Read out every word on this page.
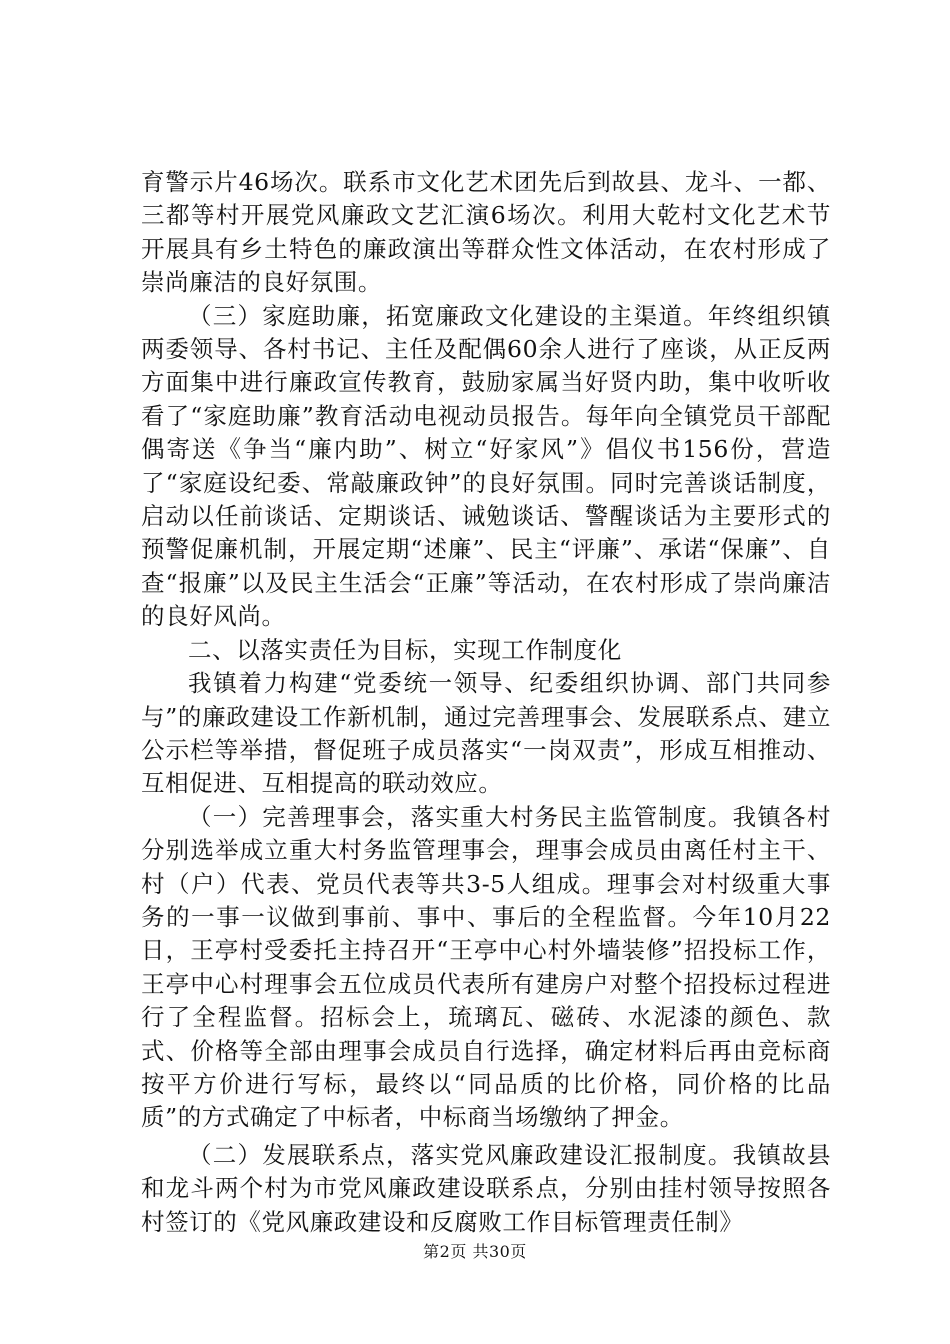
育警示片46场次。联系市文化艺术团先后到故县、龙斗、一都、三都等村开展党风廉政文艺汇演6场次。利用大乾村文化艺术节开展具有乡土特色的廉政演出等群众性文体活动，在农村形成了崇尚廉洁的良好氛围。

（三）家庭助廉，拓宽廉政文化建设的主渠道。年终组织镇两委领导、各村书记、主任及配偶60余人进行了座谈，从正反两方面集中进行廉政宣传教育，鼓励家属当好贤内助，集中收听收看了“家庭助廉”教育活动电视动员报告。每年向全镇党员干部配偶寄送《争当“廉内助”、树立“好家风”》倡仪书156份，营造了“家庭设纪委、常敲廉政钟”的良好氛围。同时完善谈话制度，启动以任前谈话、定期谈话、诫勉谈话、警醒谈话为主要形式的预警促廉机制，开展定期“述廉”、民主“评廉”、承诺“保廉”、自查“报廉”以及民主生活会“正廉”等活动，在农村形成了崇尚廉洁的良好风尚。

二、以落实责任为目标，实现工作制度化

我镇着力构建“党委统一领导、纪委组织协调、部门共同参与”的廉政建设工作新机制，通过完善理事会、发展联系点、建立公示栏等举措，督促班子成员落实“一岗双责”，形成互相推动、互相促进、互相提高的联动效应。

（一）完善理事会，落实重大村务民主监管制度。我镇各村分别选举成立重大村务监管理事会，理事会成员由离任村主干、村（户）代表、党员代表等共3-5人组成。理事会对村级重大事务的一事一议做到事前、事中、事后的全程监督。今年10月22日，王亭村受委托主持召开“王亭中心村外墙装修”招投标工作，王亭中心村理事会五位成员代表所有建房户对整个招投标过程进行了全程监督。招标会上，琉璃瓦、磁砖、水泥漆的颜色、款式、价格等全部由理事会成员自行选择，确定材料后再由竞标商按平方价进行写标，最终以“同品质的比价格，同价格的比品质”的方式确定了中标者，中标商当场缴纳了押金。

（二）发展联系点，落实党风廉政建设汇报制度。我镇故县和龙斗两个村为市党风廉政建设联系点，分别由挂村领导按照各村签订的《党风廉政建设和反腐败工作目标管理责任制》

第2页 共30页
